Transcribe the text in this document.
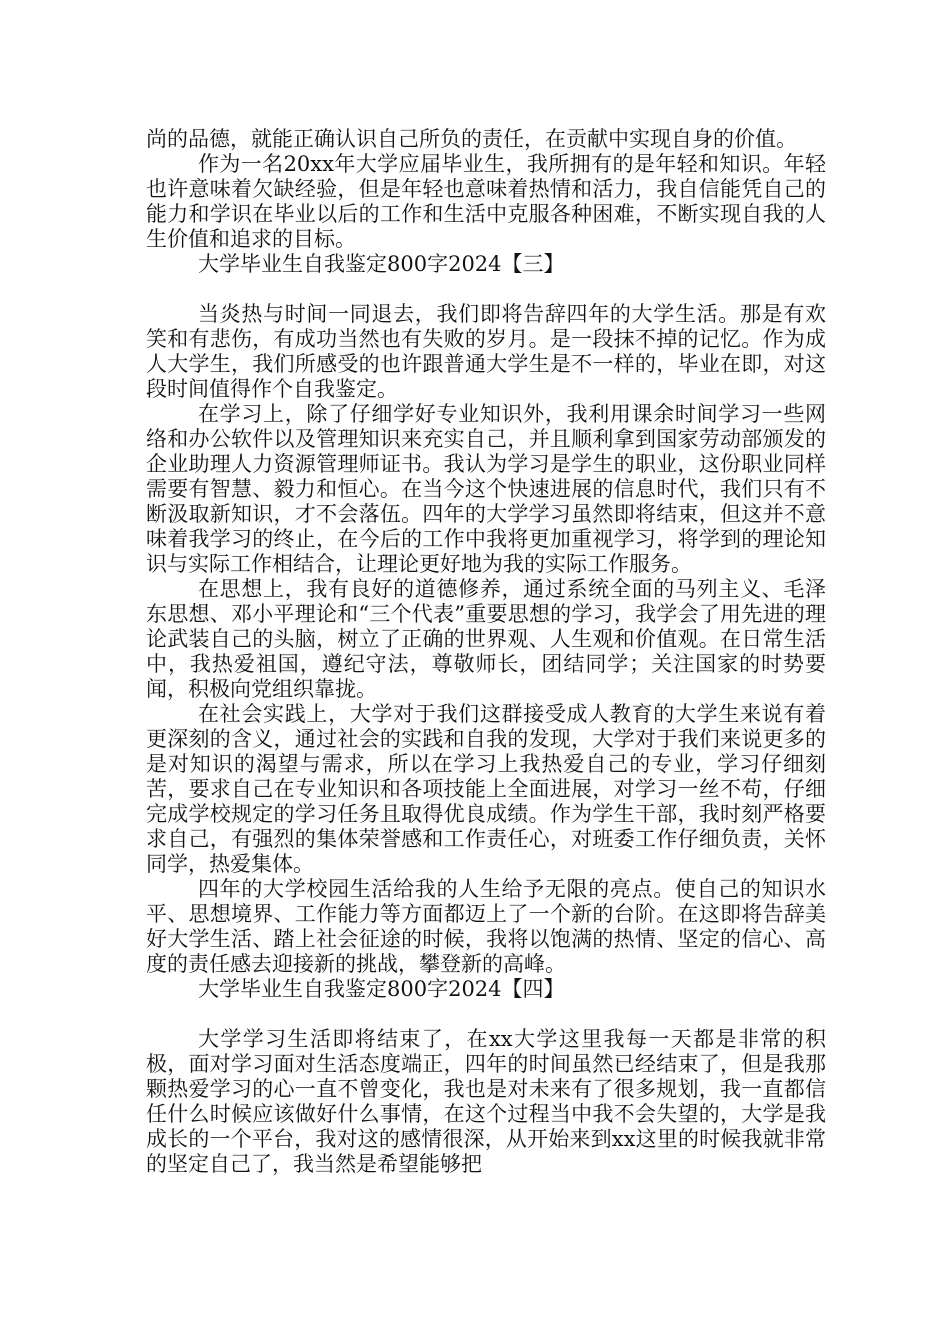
尚的品德，就能正确认识自己所负的责任，在贡献中实现自身的价值。

作为一名20xx年大学应届毕业生，我所拥有的是年轻和知识。年轻也许意味着欠缺经验，但是年轻也意味着热情和活力，我自信能凭自己的能力和学识在毕业以后的工作和生活中克服各种困难，不断实现自我的人生价值和追求的目标。

大学毕业生自我鉴定800字2024【三】

当炎热与时间一同退去，我们即将告辞四年的大学生活。那是有欢笑和有悲伤，有成功当然也有失败的岁月。是一段抹不掉的记忆。作为成人大学生，我们所感受的也许跟普通大学生是不一样的，毕业在即，对这段时间值得作个自我鉴定。

在学习上，除了仔细学好专业知识外，我利用课余时间学习一些网络和办公软件以及管理知识来充实自己，并且顺利拿到国家劳动部颁发的企业助理人力资源管理师证书。我认为学习是学生的职业，这份职业同样需要有智慧、毅力和恒心。在当今这个快速进展的信息时代，我们只有不断汲取新知识，才不会落伍。四年的大学学习虽然即将结束，但这并不意味着我学习的终止，在今后的工作中我将更加重视学习，将学到的理论知识与实际工作相结合，让理论更好地为我的实际工作服务。

在思想上，我有良好的道德修养，通过系统全面的马列主义、毛泽东思想、邓小平理论和“三个代表”重要思想的学习，我学会了用先进的理论武装自己的头脑，树立了正确的世界观、人生观和价值观。在日常生活中，我热爱祖国，遵纪守法，尊敬师长，团结同学；关注国家的时势要闻，积极向党组织靠拢。

在社会实践上，大学对于我们这群接受成人教育的大学生来说有着更深刻的含义，通过社会的实践和自我的发现，大学对于我们来说更多的是对知识的渴望与需求，所以在学习上我热爱自己的专业，学习仔细刻苦，要求自己在专业知识和各项技能上全面进展，对学习一丝不苟，仔细完成学校规定的学习任务且取得优良成绩。作为学生干部，我时刻严格要求自己，有强烈的集体荣誉感和工作责任心，对班委工作仔细负责，关怀同学，热爱集体。

四年的大学校园生活给我的人生给予无限的亮点。使自己的知识水平、思想境界、工作能力等方面都迈上了一个新的台阶。在这即将告辞美好大学生活、踏上社会征途的时候，我将以饱满的热情、坚定的信心、高度的责任感去迎接新的挑战，攀登新的高峰。

大学毕业生自我鉴定800字2024【四】

大学学习生活即将结束了，在xx大学这里我每一天都是非常的积极，面对学习面对生活态度端正，四年的时间虽然已经结束了，但是我那颗热爱学习的心一直不曾变化，我也是对未来有了很多规划，我一直都信任什么时候应该做好什么事情，在这个过程当中我不会失望的，大学是我成长的一个平台，我对这的感情很深，从开始来到xx这里的时候我就非常的坚定自己了，我当然是希望能够把
